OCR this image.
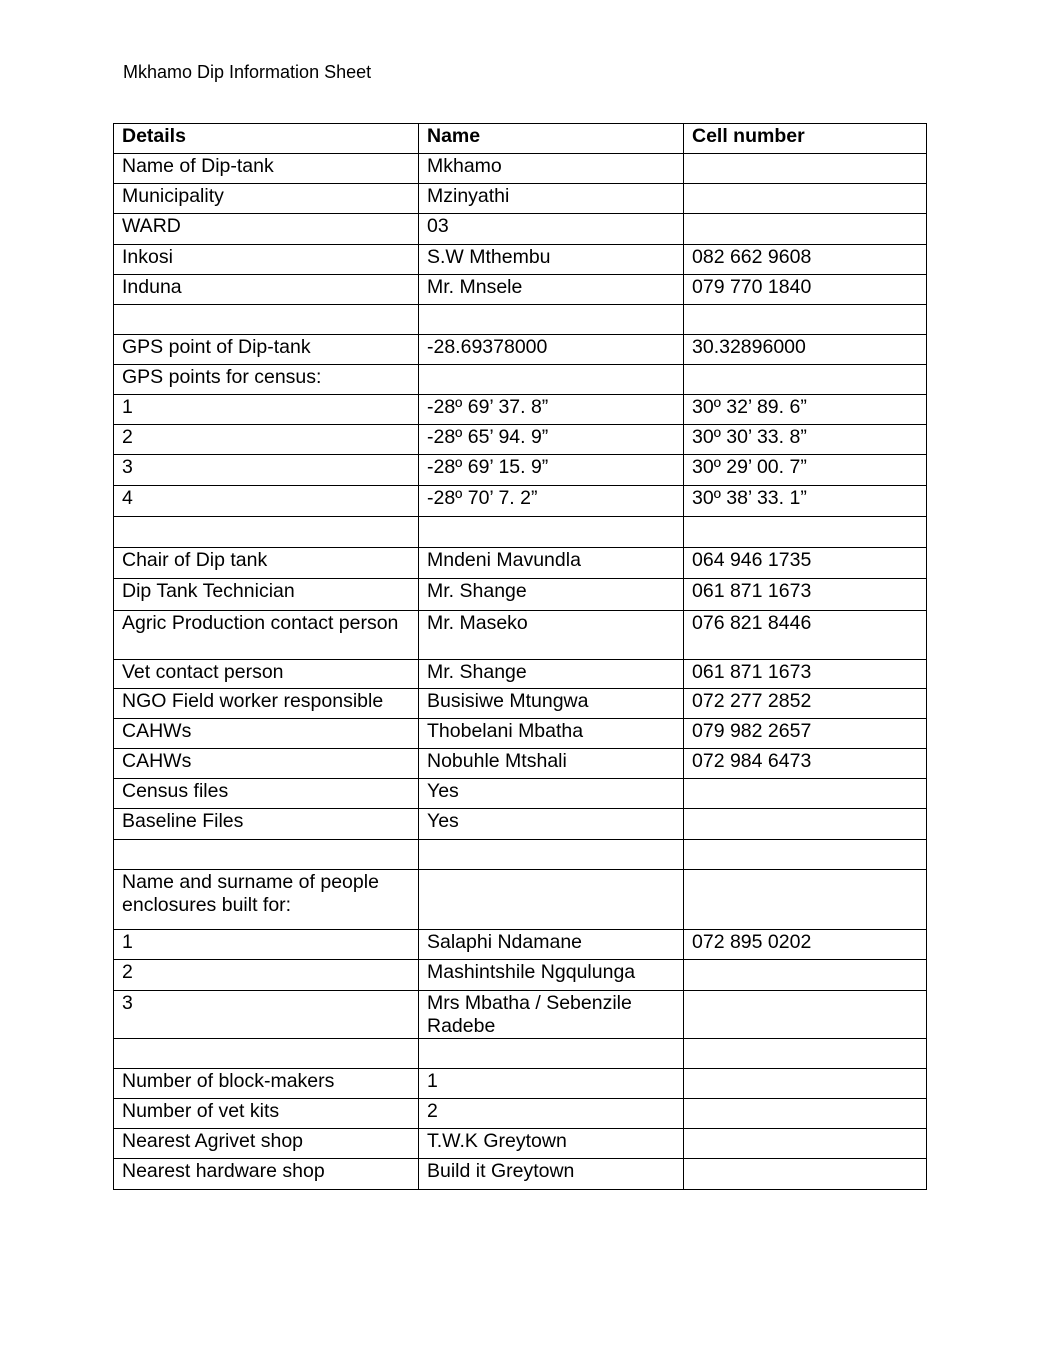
Mkhamo Dip Information Sheet
Details	Name	Cell number
Name of Dip-tank	Mkhamo	
Municipality	Mzinyathi	
WARD	03	
Inkosi	S.W Mthembu	082 662 9608
Induna	Mr. Mnsele	079 770 1840

GPS point of Dip-tank	-28.69378000	30.32896000
GPS points for census:		
1	-28º 69’ 37. 8”	30º 32’ 89. 6”
2	-28º 65’ 94. 9”	30º 30’ 33. 8”
3	-28º 69’ 15. 9”	30º 29’ 00. 7”
4	-28º 70’ 7. 2”	30º 38’ 33. 1”

Chair of Dip tank	Mndeni Mavundla	064 946 1735
Dip Tank Technician	Mr. Shange	061 871 1673
Agric Production contact person	Mr. Maseko	076 821 8446
Vet contact person	Mr. Shange	061 871 1673
NGO Field worker responsible	Busisiwe Mtungwa	072 277 2852
CAHWs	Thobelani Mbatha	079 982 2657
CAHWs	Nobuhle Mtshali	072 984 6473
Census files	Yes	
Baseline Files	Yes	

Name and surname of people enclosures built for:		
1	Salaphi Ndamane	072 895 0202
2	Mashintshile Ngqulunga	
3	Mrs Mbatha / Sebenzile Radebe	

Number of block-makers	1	
Number of vet kits	2	
Nearest Agrivet shop	T.W.K Greytown	
Nearest hardware shop	Build it Greytown	
